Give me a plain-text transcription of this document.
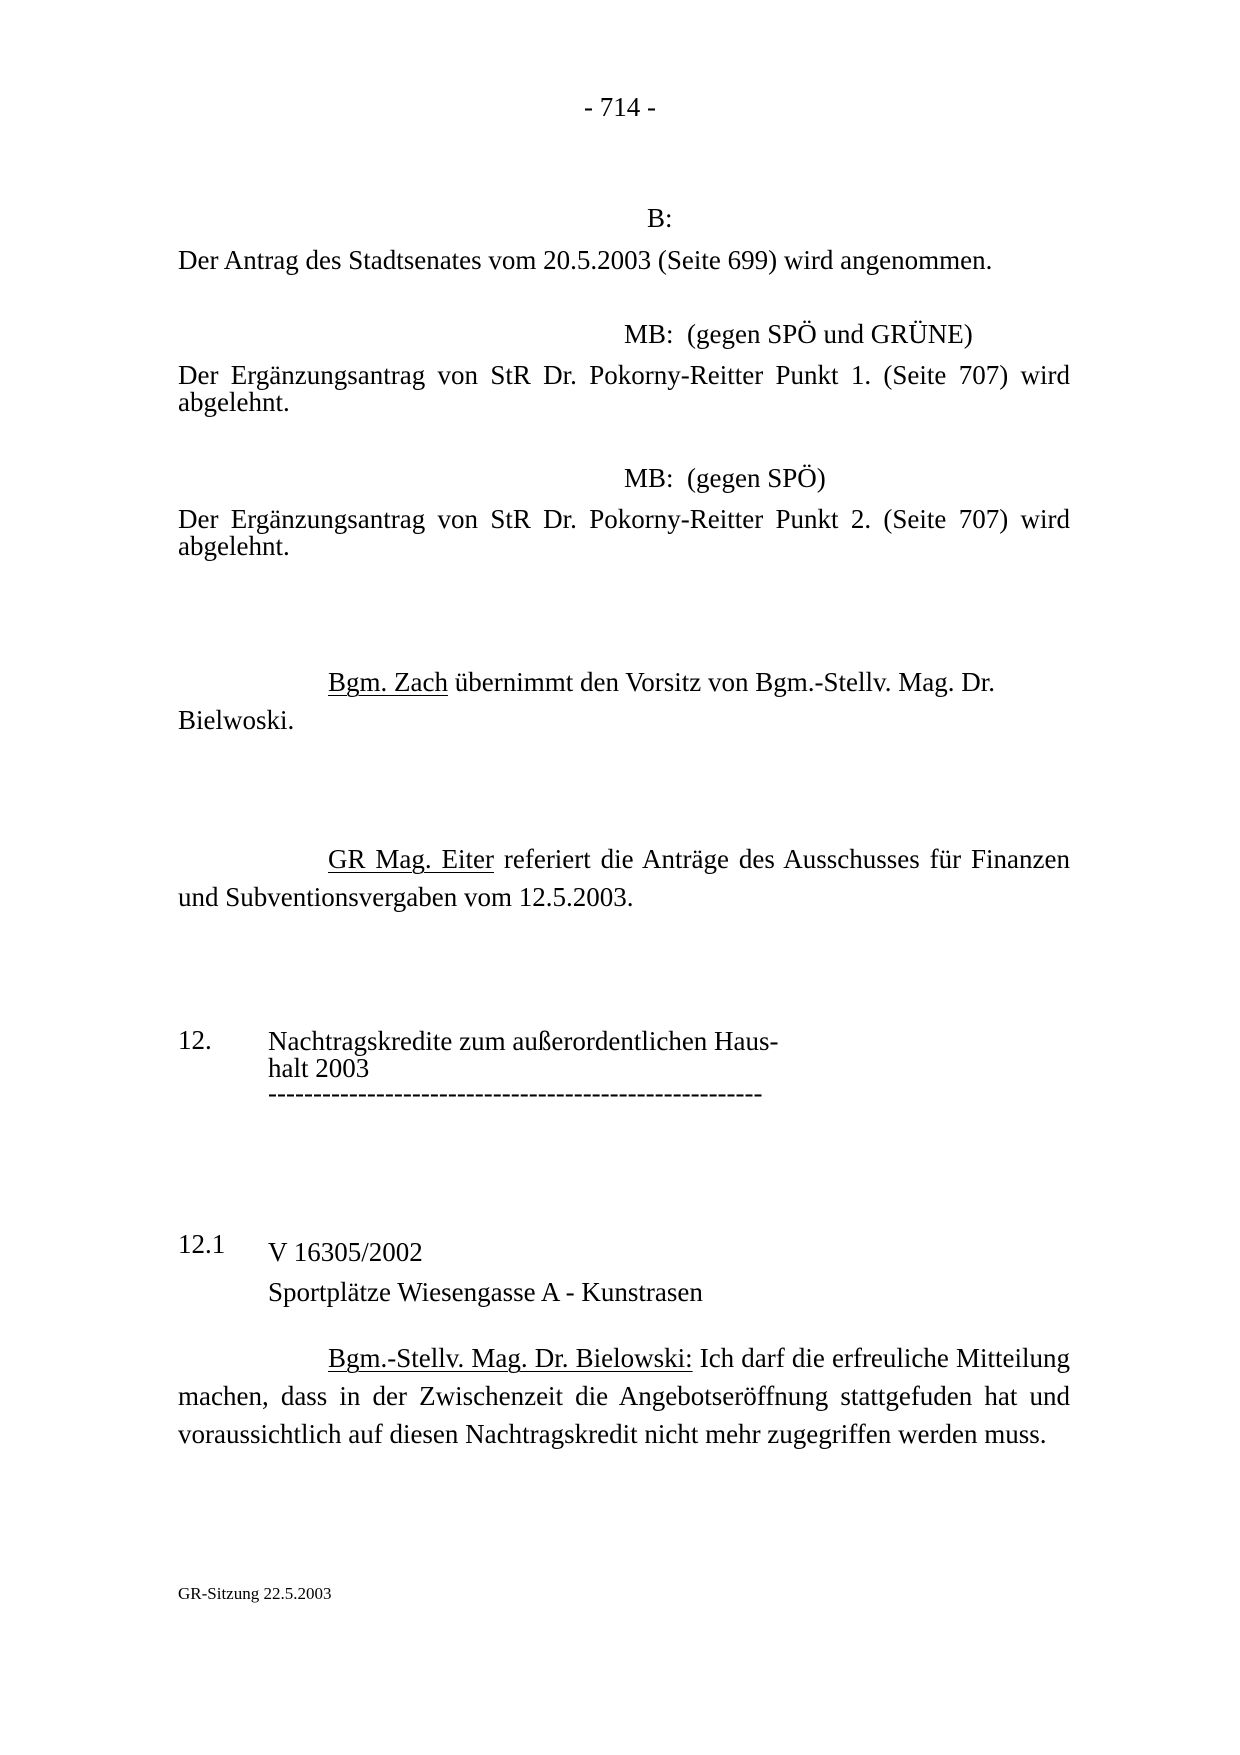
- 714 -
B:
Der Antrag des Stadtsenates vom 20.5.2003 (Seite 699) wird angenommen.
MB:  (gegen SPÖ und GRÜNE)
Der Ergänzungsantrag von StR Dr. Pokorny-Reitter Punkt 1. (Seite 707) wird abgelehnt.
MB:  (gegen SPÖ)
Der Ergänzungsantrag von StR Dr. Pokorny-Reitter Punkt 2. (Seite 707) wird abgelehnt.
Bgm. Zach übernimmt den Vorsitz von Bgm.-Stellv. Mag. Dr. Bielwoski.
GR Mag. Eiter referiert die Anträge des Ausschusses für Finanzen und Subventionsvergaben vom 12.5.2003.
12. Nachtragskredite zum außerordentlichen Haus-
halt 2003
-------------------------------------------------------
12.1 V 16305/2002
Sportplätze Wiesengasse A - Kunstrasen
Bgm.-Stellv. Mag. Dr. Bielowski: Ich darf die erfreuliche Mitteilung machen, dass in der Zwischenzeit die Angebotseröffnung stattgefuden hat und voraussichtlich auf diesen Nachtragskredit nicht mehr zugegriffen werden muss.
GR-Sitzung 22.5.2003
